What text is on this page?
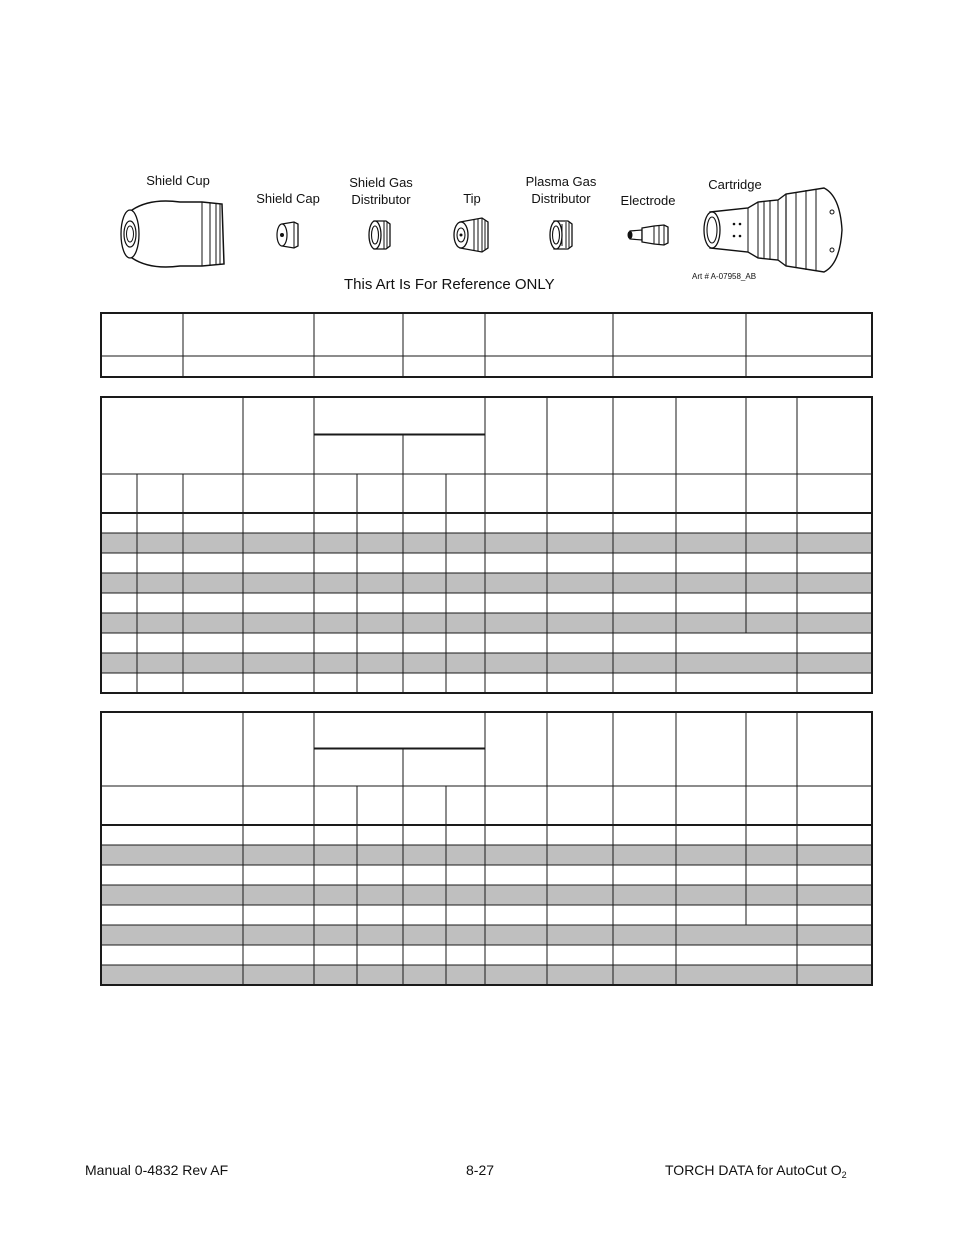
Shield Cup
Shield Cap
Shield Gas
Distributor	Tip
Plasma Gas
Distributor	Electrode
Cartridge
This Art Is For Reference ONLY	Art # A-07958_AB
Manual 0-4832 Rev AF	8-27	TORCH DATA for AutoCut $O_2$
